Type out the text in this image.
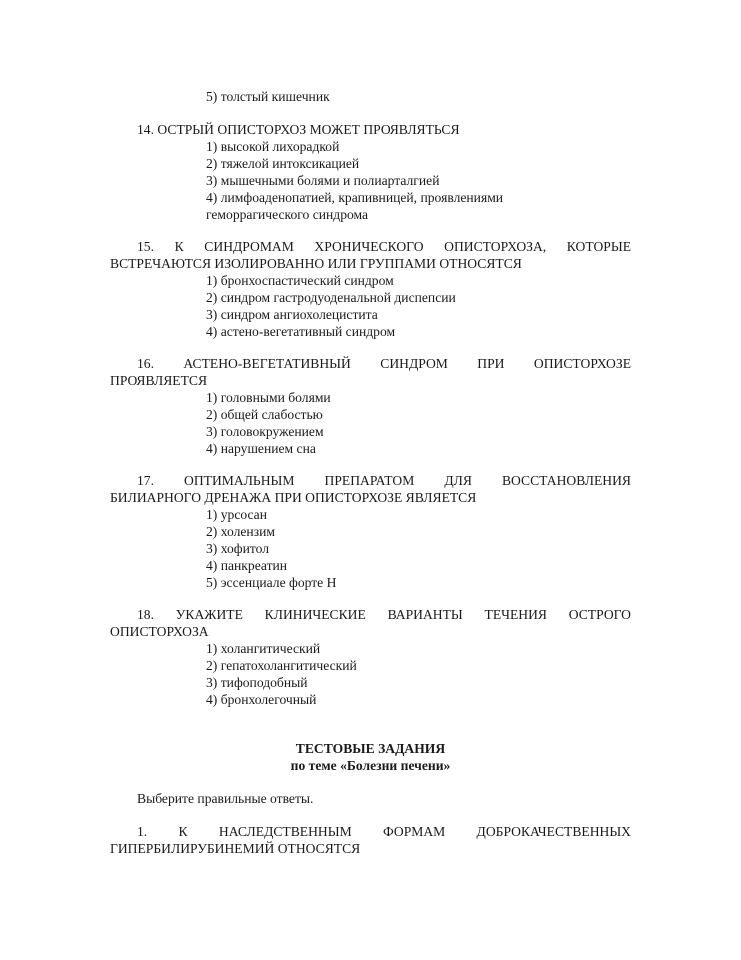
5) толстый кишечник
14. ОСТРЫЙ ОПИСТОРХОЗ МОЖЕТ ПРОЯВЛЯТЬСЯ
1) высокой лихорадкой
2) тяжелой интоксикацией
3) мышечными болями и полиарталгией
4) лимфоаденопатией, крапивницей, проявлениями
геморрагического синдрома
15. К СИНДРОМАМ ХРОНИЧЕСКОГО ОПИСТОРХОЗА, КОТОРЫЕ
ВСТРЕЧАЮТСЯ ИЗОЛИРОВАННО ИЛИ ГРУППАМИ ОТНОСЯТСЯ
1) бронхоспастический синдром
2) синдром гастродуоденальной диспепсии
3) синдром ангиохолецистита
4) астено-вегетативный синдром
16. АСТЕНО-ВЕГЕТАТИВНЫЙ СИНДРОМ ПРИ ОПИСТОРХОЗЕ
ПРОЯВЛЯЕТСЯ
1) головными болями
2) общей слабостью
3) головокружением
4) нарушением сна
17. ОПТИМАЛЬНЫМ ПРЕПАРАТОМ ДЛЯ ВОССТАНОВЛЕНИЯ
БИЛИАРНОГО ДРЕНАЖА ПРИ ОПИСТОРХОЗЕ ЯВЛЯЕТСЯ
1) урсосан
2) холензим
3) хофитол
4) панкреатин
5) эссенциале форте Н
18. УКАЖИТЕ КЛИНИЧЕСКИЕ ВАРИАНТЫ ТЕЧЕНИЯ ОСТРОГО
ОПИСТОРХОЗА
1) холангитический
2) гепатохолангитический
3) тифоподобный
4) бронхолегочный
ТЕСТОВЫЕ ЗАДАНИЯ
по теме «Болезни печени»
Выберите правильные ответы.
1. К НАСЛЕДСТВЕННЫМ ФОРМАМ ДОБРОКАЧЕСТВЕННЫХ
ГИПЕРБИЛИРУБИНЕМИЙ ОТНОСЯТСЯ
